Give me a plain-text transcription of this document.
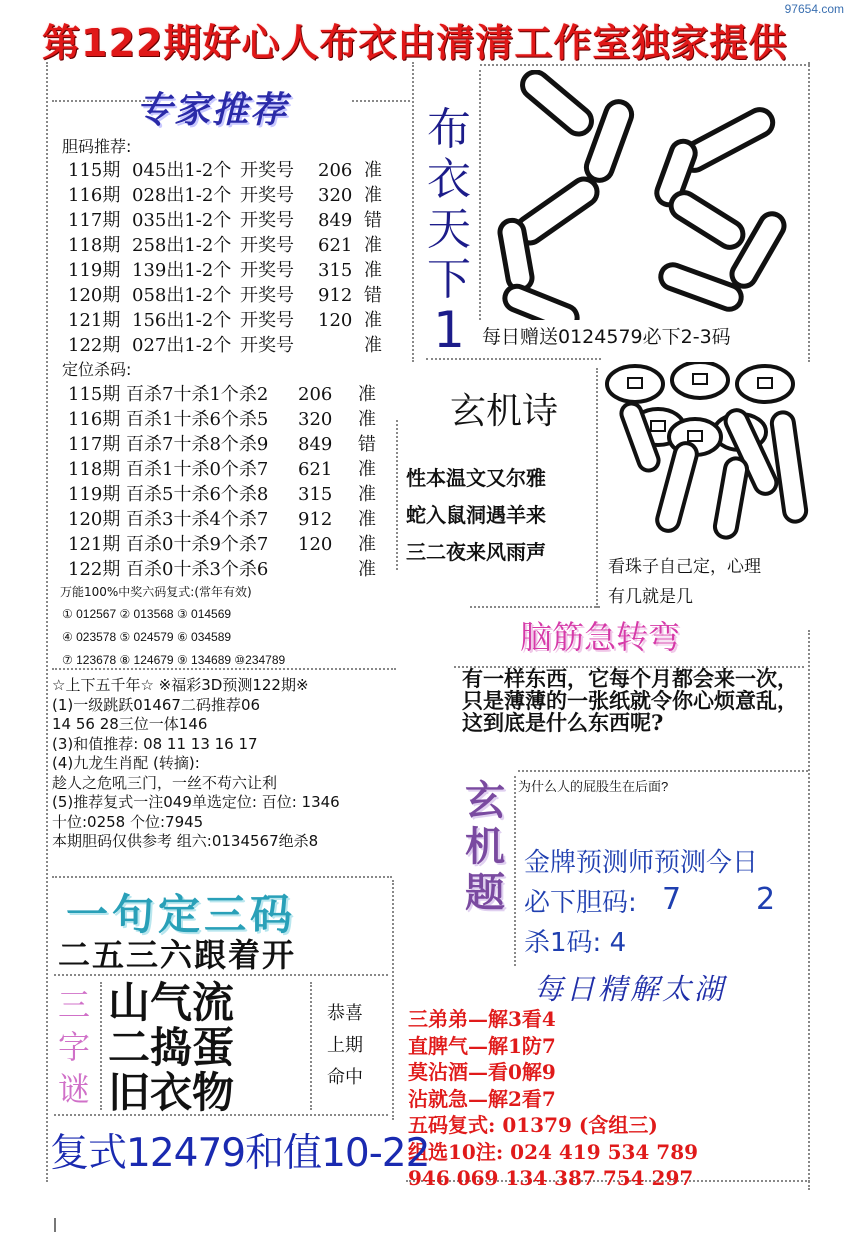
97654.com
第122期好心人布衣由清清工作室独家提供
专家推荐
胆码推荐:
115期 045出1-2个 开奖号 206 准
116期 028出1-2个 开奖号 320 准
117期 035出1-2个 开奖号 849 错
118期 258出1-2个 开奖号 621 准
119期 139出1-2个 开奖号 315 准
120期 058出1-2个 开奖号 912 错
121期 156出1-2个 开奖号 120 准
122期 027出1-2个 开奖号	准
定位杀码:
115期 百杀7十杀1个杀2 206 准
116期 百杀1十杀6个杀5 320 准
117期 百杀7十杀8个杀9 849 错
118期 百杀1十杀0个杀7 621 准
119期 百杀5十杀6个杀8 315 准
120期 百杀3十杀4个杀7 912 准
121期 百杀0十杀9个杀7 120 准
122期 百杀0十杀3个杀6	准
万能100%中奖六码复式:(常年有效)
① 012567 ② 013568 ③ 014569
④ 023578 ⑤ 024579 ⑥ 034589
⑦ 123678 ⑧ 124679 ⑨ 134689 ⑩234789
布
衣
天
下
1 每日赠送0124579必下2-3码
玄机诗
性本温文又尔雅
蛇入鼠洞遇羊来
三二夜来风雨声
看珠子自己定，心理
有几就是几
脑筋急转弯
有一样东西，它每个月都会来一次，只是薄薄的一张纸就令你心烦意乱，这到底是什么东西呢?
玄
机
题
为什么人的屁股生在后面?
金牌预测师预测今日
必下胆码: 7 2
杀1码: 4
每日精解太湖
三弟弟—解3看4
直脾气—解1防7
莫沾酒—看0解9
沾就急—解2看7
五码复式: 01379 (含组三)
组选10注: 024 419 534 789
946 069 134 387 754 297
☆上下五千年☆ ※福彩3D预测122期※
(1)一级跳跃01467二码推荐06
14 56 28三位一体146
(3)和值推荐: 08 11 13 16 17
(4)九龙生肖配 (转摘):
趁人之危吼三门，一丝不苟六让利
(5)推荐复式一注049单选定位: 百位: 1346
十位:0258 个位:7945
本期胆码仅供参考 组六:0134567绝杀8
一句定三码
二五三六跟着开
三
字
谜
山气流
二捣蛋
旧衣物
恭喜
上期
命中
复式12479和值10-22
